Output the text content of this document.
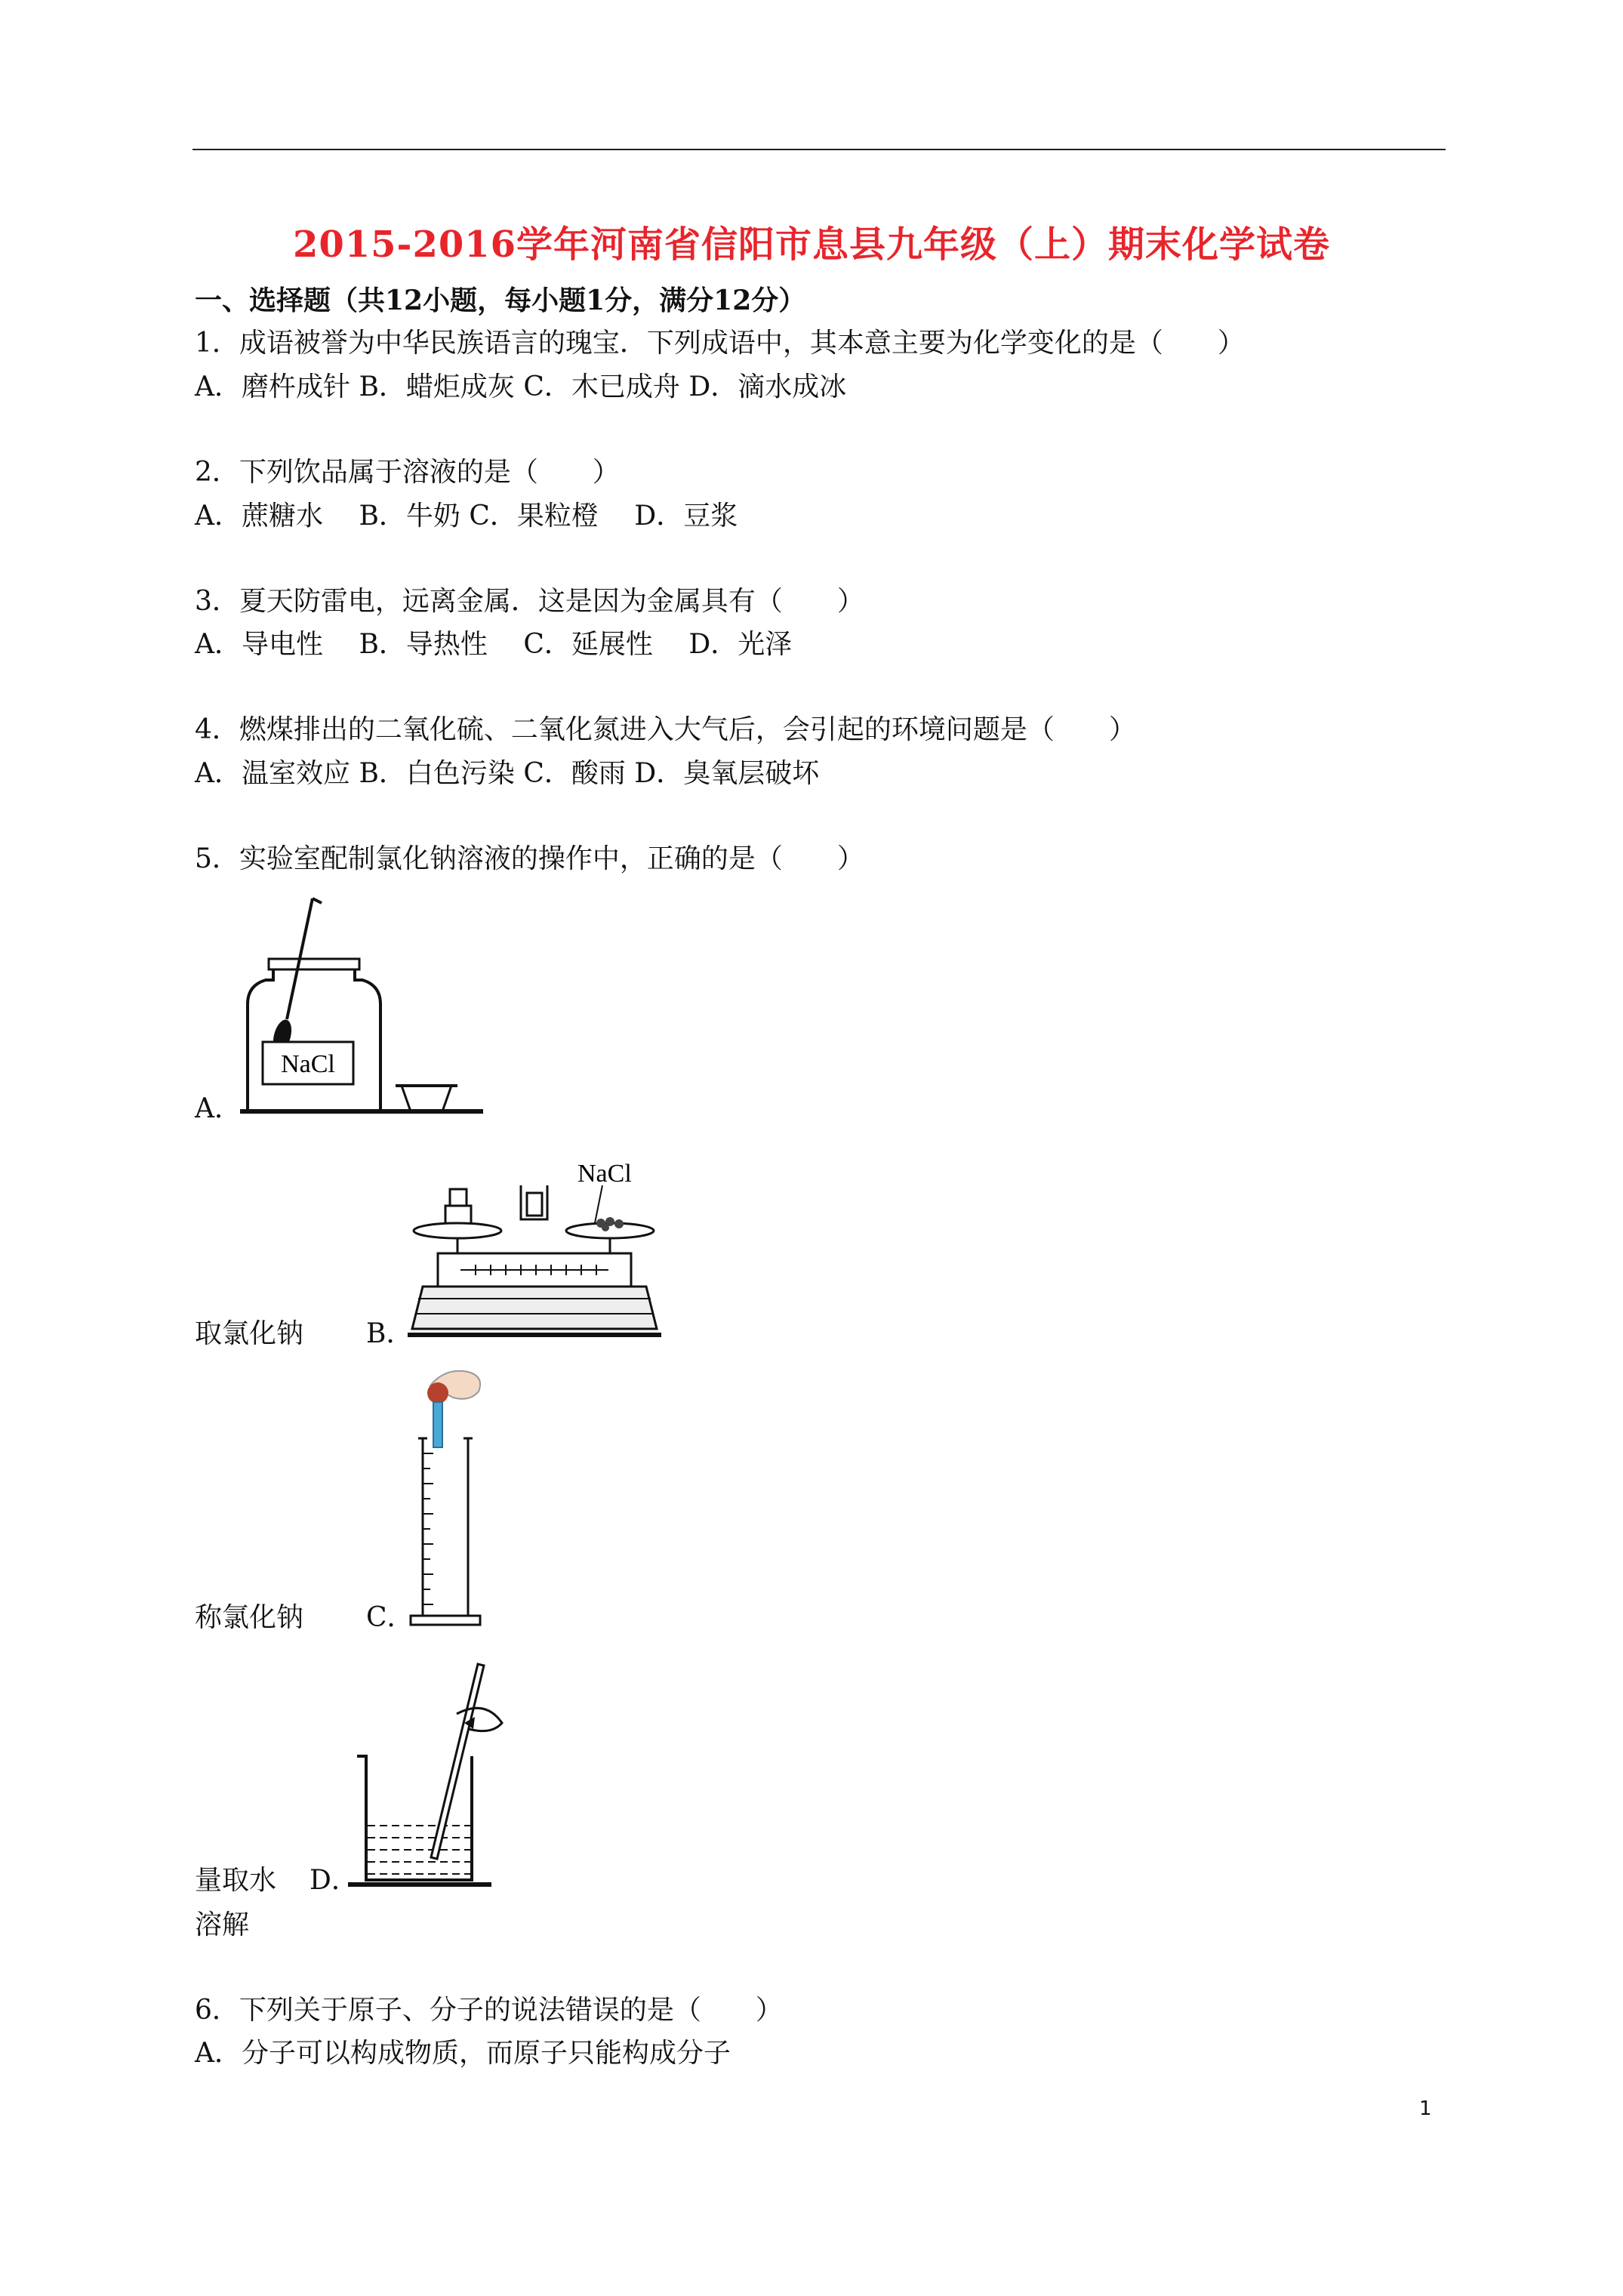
2015-2016学年河南省信阳市息县九年级（上）期末化学试卷
一、选择题（共12小题，每小题1分，满分12分）
1．成语被誉为中华民族语言的瑰宝．下列成语中，其本意主要为化学变化的是（　　）
A．磨杵成针 B．蜡炬成灰 C．木已成舟 D．滴水成冰
2．下列饮品属于溶液的是（　　）
A．蔗糖水　 B．牛奶 C．果粒橙　 D．豆浆
3．夏天防雷电，远离金属．这是因为金属具有（　　）
A．导电性　 B．导热性　 C．延展性　 D．光泽
4．燃煤排出的二氧化硫、二氧化氮进入大气后，会引起的环境问题是（　　）
A．温室效应 B．白色污染 C．酸雨 D．臭氧层破坏
5．实验室配制氯化钠溶液的操作中，正确的是（　　）
NaCl
A．
NaCl
取氯化钠 B．
称氯化钠 C．
量取水 D．
溶解
6．下列关于原子、分子的说法错误的是（　　）
A．分子可以构成物质，而原子只能构成分子
1
